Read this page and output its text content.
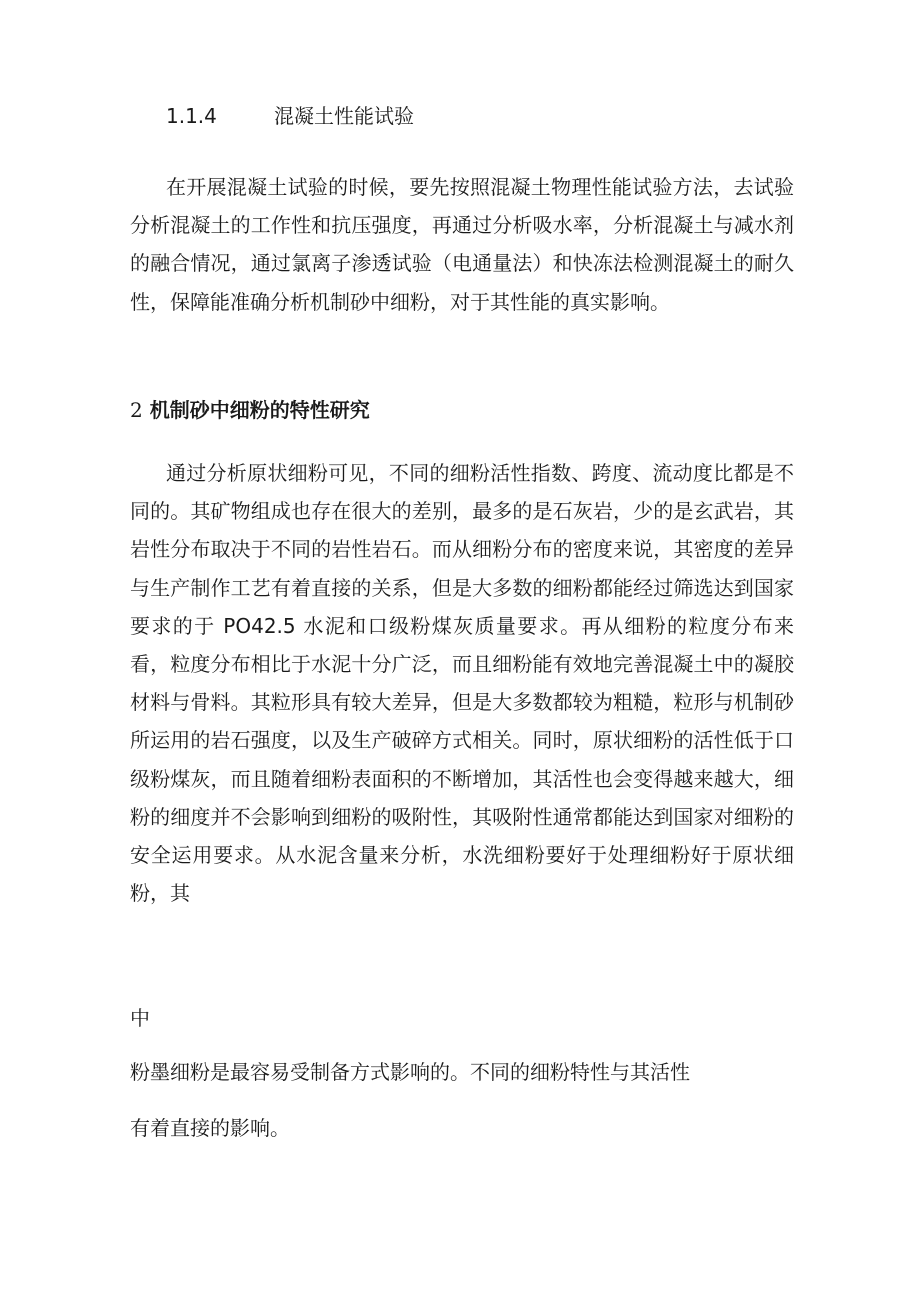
1.1.4	混凝土性能试验

在开展混凝土试验的时候，要先按照混凝土物理性能试验方法，去试验分析混凝土的工作性和抗压强度，再通过分析吸水率，分析混凝土与减水剂的融合情况，通过氯离子渗透试验（电通量法）和快冻法检测混凝土的耐久性，保障能准确分析机制砂中细粉，对于其性能的真实影响。

2 机制砂中细粉的特性研究

通过分析原状细粉可见，不同的细粉活性指数、跨度、流动度比都是不同的。其矿物组成也存在很大的差别，最多的是石灰岩，少的是玄武岩，其岩性分布取决于不同的岩性岩石。而从细粉分布的密度来说，其密度的差异与生产制作工艺有着直接的关系，但是大多数的细粉都能经过筛选达到国家要求的于 PO42.5 水泥和口级粉煤灰质量要求。再从细粉的粒度分布来看，粒度分布相比于水泥十分广泛，而且细粉能有效地完善混凝土中的凝胶材料与骨料。其粒形具有较大差异，但是大多数都较为粗糙，粒形与机制砂所运用的岩石强度，以及生产破碎方式相关。同时，原状细粉的活性低于口级粉煤灰，而且随着细粉表面积的不断增加，其活性也会变得越来越大，细粉的细度并不会影响到细粉的吸附性，其吸附性通常都能达到国家对细粉的安全运用要求。从水泥含量来分析，水洗细粉要好于处理细粉好于原状细粉，其

中

粉墨细粉是最容易受制备方式影响的。不同的细粉特性与其活性

有着直接的影响。
